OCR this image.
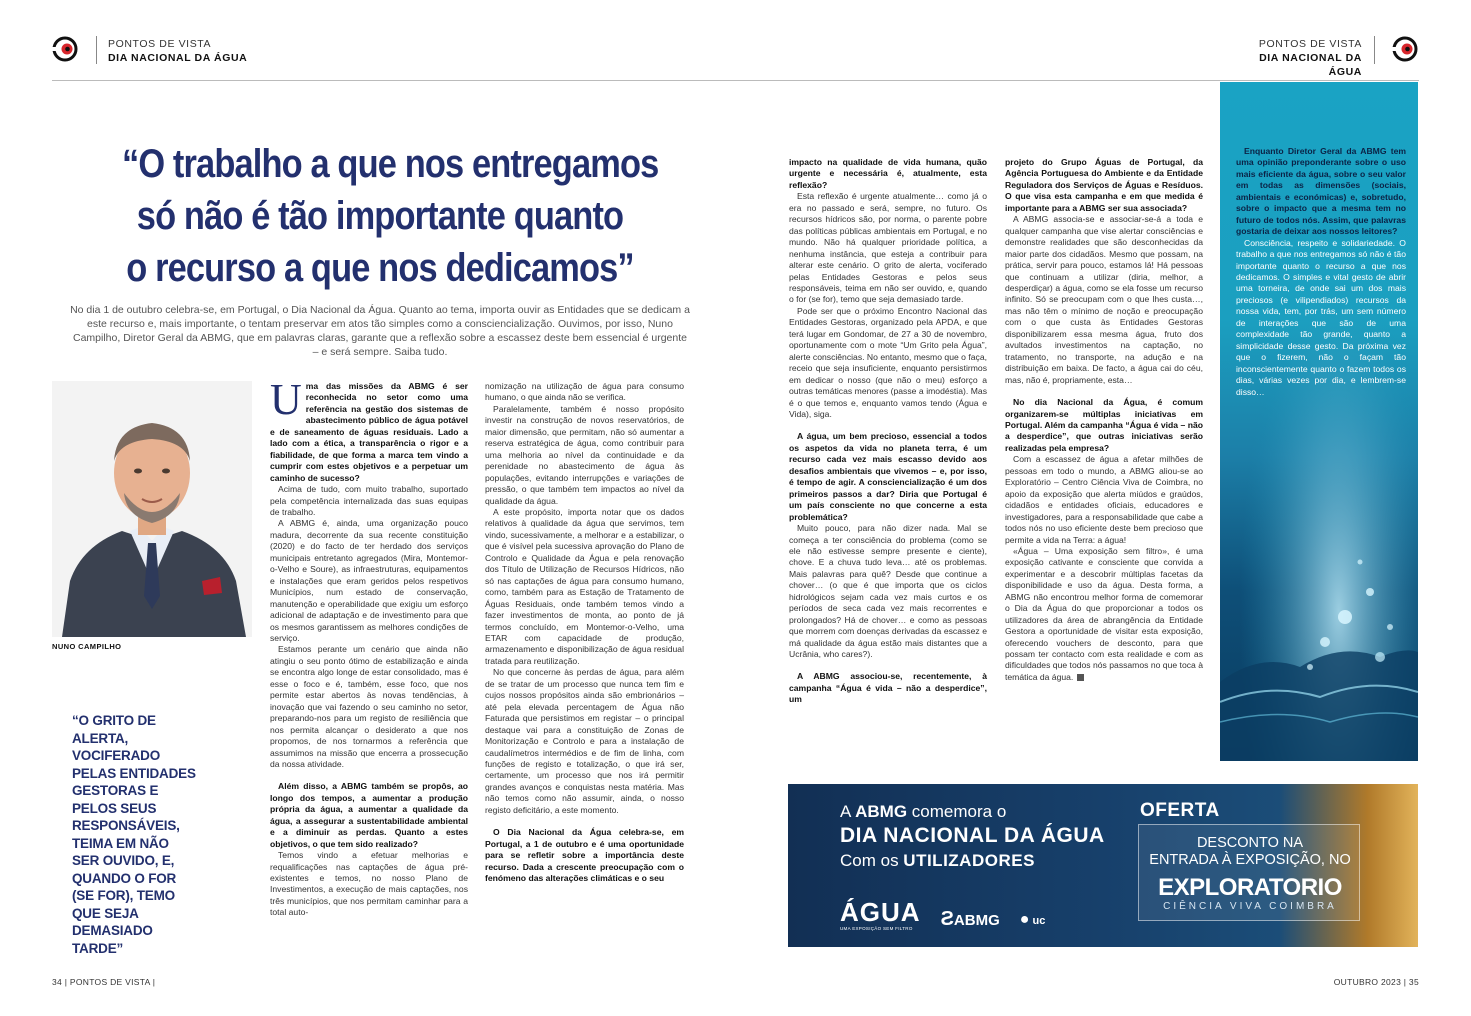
PONTOS DE VISTA
DIA NACIONAL DA ÁGUA
PONTOS DE VISTA
DIA NACIONAL DA ÁGUA
“O trabalho a que nos entregamos
só não é tão importante quanto
o recurso a que nos dedicamos”
No dia 1 de outubro celebra-se, em Portugal, o Dia Nacional da Água. Quanto ao tema, importa ouvir as Entidades que se dedicam a este recurso e, mais importante, o tentam preservar em atos tão simples como a consciencialização. Ouvimos, por isso, Nuno Campilho, Diretor Geral da ABMG, que em palavras claras, garante que a reflexão sobre a escassez deste bem essencial é urgente – e será sempre. Saiba tudo.
NUNO CAMPILHO
“O GRITO DE ALERTA, VOCIFERADO PELAS ENTIDADES GESTORAS E PELOS SEUS RESPONSÁVEIS, TEIMA EM NÃO SER OUVIDO, E, QUANDO O FOR (SE FOR), TEMO QUE SEJA DEMASIADO TARDE”

Uma das missões da ABMG é ser reconhecida no setor como uma referência na gestão dos sistemas de abastecimento público de água potável e de saneamento de águas residuais. Lado a lado com a ética, a transparência o rigor e a fiabilidade, de que forma a marca tem vindo a cumprir com estes objetivos e a perpetuar um caminho de sucesso?

Acima de tudo, com muito trabalho, suportado pela competência internalizada das suas equipas de trabalho.

A ABMG é, ainda, uma organização pouco madura, decorrente da sua recente constituição (2020) e do facto de ter herdado dos serviços municipais entretanto agregados (Mira, Montemor-o-Velho e Soure), as infraestruturas, equipamentos e instalações que eram geridos pelos respetivos Municípios, num estado de conservação, manutenção e operabilidade que exigiu um esforço adicional de adaptação e de investimento para que os mesmos garantissem as melhores condições de serviço.

Estamos perante um cenário que ainda não atingiu o seu ponto ótimo de estabilização e ainda se encontra algo longe de estar consolidado, mas é esse o foco e é, também, esse foco, que nos permite estar abertos às novas tendências, à inovação que vai fazendo o seu caminho no setor, preparando-nos para um registo de resiliência que nos permita alcançar o desiderato a que nos propomos, de nos tornarmos a referência que assumimos na missão que encerra a prossecução da nossa atividade.

Além disso, a ABMG também se propôs, ao longo dos tempos, a aumentar a produção própria da água, a aumentar a qualidade da água, a assegurar a sustentabilidade ambiental e a diminuir as perdas. Quanto a estes objetivos, o que tem sido realizado?

Temos vindo a efetuar melhorias e requalificações nas captações de água pré-existentes e temos, no nosso Plano de Investimentos, a execução de mais captações, nos três municípios, que nos permitam caminhar para a total auto-

nomização na utilização de água para consumo humano, o que ainda não se verifica.

Paralelamente, também é nosso propósito investir na construção de novos reservatórios, de maior dimensão, que permitam, não só aumentar a reserva estratégica de água, como contribuir para uma melhoria ao nível da continuidade e da perenidade no abastecimento de água às populações, evitando interrupções e variações de pressão, o que também tem impactos ao nível da qualidade da água.

A este propósito, importa notar que os dados relativos à qualidade da água que servimos, tem vindo, sucessivamente, a melhorar e a estabilizar, o que é visível pela sucessiva aprovação do Plano de Controlo e Qualidade da Água e pela renovação dos Título de Utilização de Recursos Hídricos, não só nas captações de água para consumo humano, como, também para as Estação de Tratamento de Águas Residuais, onde também temos vindo a fazer investimentos de monta, ao ponto de já termos concluído, em Montemor-o-Velho, uma ETAR com capacidade de produção, armazenamento e disponibilização de água residual tratada para reutilização.

No que concerne às perdas de água, para além de se tratar de um processo que nunca tem fim e cujos nossos propósitos ainda são embrionários – até pela elevada percentagem de Água não Faturada que persistimos em registar – o principal destaque vai para a constituição de Zonas de Monitorização e Controlo e para a instalação de caudalímetros intermédios e de fim de linha, com funções de registo e totalização, o que irá ser, certamente, um processo que nos irá permitir grandes avanços e conquistas nesta matéria. Mas não temos como não assumir, ainda, o nosso registo deficitário, a este momento.

O Dia Nacional da Água celebra-se, em Portugal, a 1 de outubro e é uma oportunidade para se refletir sobre a importância deste recurso. Dada a crescente preocupação com o fenómeno das alterações climáticas e o seu

impacto na qualidade de vida humana, quão urgente e necessária é, atualmente, esta reflexão?

Esta reflexão é urgente atualmente… como já o era no passado e será, sempre, no futuro. Os recursos hídricos são, por norma, o parente pobre das políticas públicas ambientais em Portugal, e no mundo. Não há qualquer prioridade política, a nenhuma instância, que esteja a contribuir para alterar este cenário. O grito de alerta, vociferado pelas Entidades Gestoras e pelos seus responsáveis, teima em não ser ouvido, e, quando o for (se for), temo que seja demasiado tarde.

Pode ser que o próximo Encontro Nacional das Entidades Gestoras, organizado pela APDA, e que terá lugar em Gondomar, de 27 a 30 de novembro, oportunamente com o mote “Um Grito pela Água”, alerte consciências. No entanto, mesmo que o faça, receio que seja insuficiente, enquanto persistirmos em dedicar o nosso (que não o meu) esforço a outras temáticas menores (passe a imodéstia). Mas é o que temos e, enquanto vamos tendo (Água e Vida), siga.

A água, um bem precioso, essencial a todos os aspetos da vida no planeta terra, é um recurso cada vez mais escasso devido aos desafios ambientais que vivemos – e, por isso, é tempo de agir. A consciencialização é um dos primeiros passos a dar? Diria que Portugal é um país consciente no que concerne a esta problemática?

Muito pouco, para não dizer nada. Mal se começa a ter consciência do problema (como se ele não estivesse sempre presente e ciente), chove. E a chuva tudo leva… até os problemas. Mais palavras para quê? Desde que continue a chover… (o que é que importa que os ciclos hidrológicos sejam cada vez mais curtos e os períodos de seca cada vez mais recorrentes e prolongados? Há de chover… e como as pessoas que morrem com doenças derivadas da escassez e má qualidade da água estão mais distantes que a Ucrânia, who cares?).

A ABMG associou-se, recentemente, à campanha “Água é vida – não a desperdice”, um

projeto do Grupo Águas de Portugal, da Agência Portuguesa do Ambiente e da Entidade Reguladora dos Serviços de Águas e Resíduos. O que visa esta campanha e em que medida é importante para a ABMG ser sua associada?

A ABMG associa-se e associar-se-á a toda e qualquer campanha que vise alertar consciências e demonstre realidades que são desconhecidas da maior parte dos cidadãos. Mesmo que possam, na prática, servir para pouco, estamos lá! Há pessoas que continuam a utilizar (diria, melhor, a desperdiçar) a água, como se ela fosse um recurso infinito. Só se preocupam com o que lhes custa…, mas não têm o mínimo de noção e preocupação com o que custa às Entidades Gestoras disponibilizarem essa mesma água, fruto dos avultados investimentos na captação, no tratamento, no transporte, na adução e na distribuição em baixa. De facto, a água cai do céu, mas, não é, propriamente, esta…

No dia Nacional da Água, é comum organizarem-se múltiplas iniciativas em Portugal. Além da campanha “Água é vida – não a desperdice”, que outras iniciativas serão realizadas pela empresa?

Com a escassez de água a afetar milhões de pessoas em todo o mundo, a ABMG aliou-se ao Exploratório – Centro Ciência Viva de Coimbra, no apoio da exposição que alerta miúdos e graúdos, cidadãos e entidades oficiais, educadores e investigadores, para a responsabilidade que cabe a todos nós no uso eficiente deste bem precioso que permite a vida na Terra: a água!

«Água – Uma exposição sem filtro», é uma exposição cativante e consciente que convida a experimentar e a descobrir múltiplas facetas da disponibilidade e uso da água. Desta forma, a ABMG não encontrou melhor forma de comemorar o Dia da Água do que proporcionar a todos os utilizadores da área de abrangência da Entidade Gestora a oportunidade de visitar esta exposição, oferecendo vouchers de desconto, para que possam ter contacto com esta realidade e com as dificuldades que todos nós passamos no que toca à temática da água.

Enquanto Diretor Geral da ABMG tem uma opinião preponderante sobre o uso mais eficiente da água, sobre o seu valor em todas as dimensões (sociais, ambientais e económicas) e, sobretudo, sobre o impacto que a mesma tem no futuro de todos nós. Assim, que palavras gostaria de deixar aos nossos leitores?

Consciência, respeito e solidariedade. O trabalho a que nos entregamos só não é tão importante quanto o recurso a que nos dedicamos. O simples e vital gesto de abrir uma torneira, de onde sai um dos mais preciosos (e vilipendiados) recursos da nossa vida, tem, por trás, um sem número de interações que são de uma complexidade tão grande, quanto a simplicidade desse gesto. Da próxima vez que o fizerem, não o façam tão inconscientemente quanto o fazem todos os dias, várias vezes por dia, e lembrem-se disso…

A ABMG comemora o
DIA NACIONAL DA ÁGUA
Com os UTILIZADORES
ÁGUA
UMA EXPOSIÇÃO SEM FILTRO	ƧABMG ● uc
OFERTA
DESCONTO NA
ENTRADA À EXPOSIÇÃO, NO
EXPLORATORIO
CIÊNCIA VIVA COIMBRA
34 | PONTOS DE VISTA |	OUTUBRO 2023 | 35
